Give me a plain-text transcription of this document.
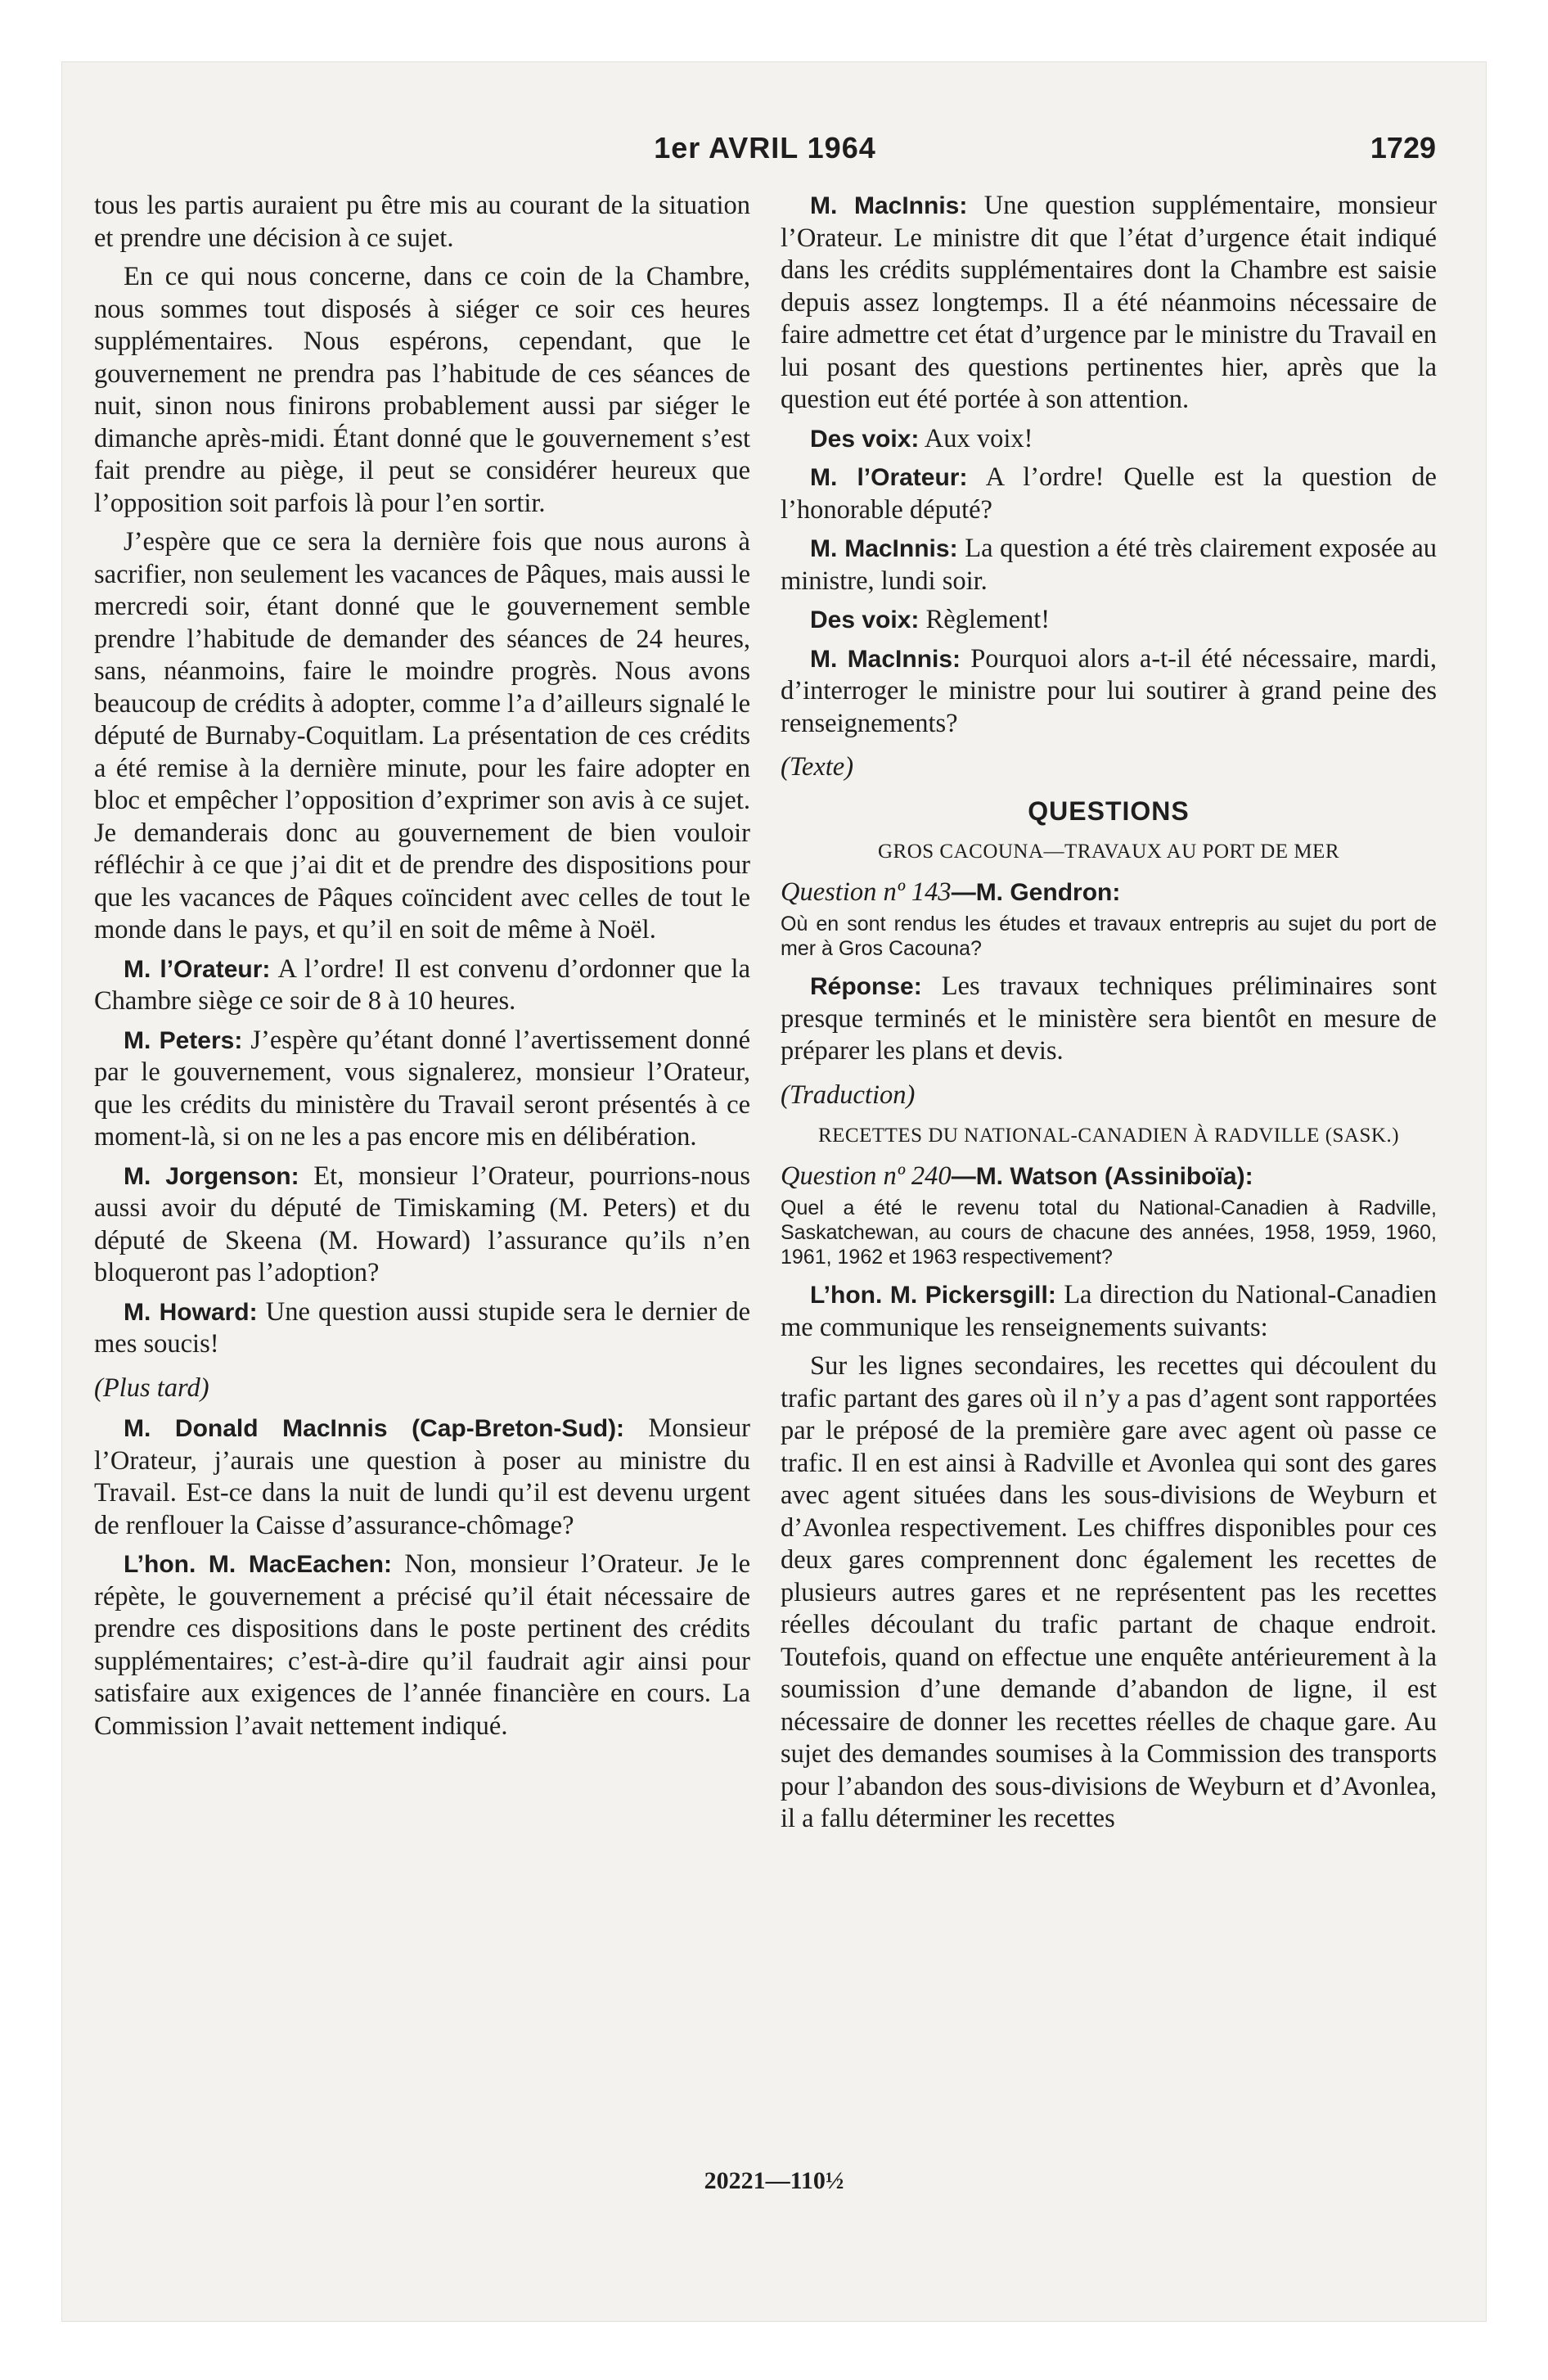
1er AVRIL 1964	1729

tous les partis auraient pu être mis au courant de la situation et prendre une décision à ce sujet.

En ce qui nous concerne, dans ce coin de la Chambre, nous sommes tout disposés à siéger ce soir ces heures supplémentaires. Nous espérons, cependant, que le gouvernement ne prendra pas l’habitude de ces séances de nuit, sinon nous finirons probablement aussi par siéger le dimanche après-midi. Étant donné que le gouvernement s’est fait prendre au piège, il peut se considérer heureux que l’opposition soit parfois là pour l’en sortir.

J’espère que ce sera la dernière fois que nous aurons à sacrifier, non seulement les vacances de Pâques, mais aussi le mercredi soir, étant donné que le gouvernement semble prendre l’habitude de demander des séances de 24 heures, sans, néanmoins, faire le moindre progrès. Nous avons beaucoup de crédits à adopter, comme l’a d’ailleurs signalé le député de Burnaby-Coquitlam. La présentation de ces crédits a été remise à la dernière minute, pour les faire adopter en bloc et empêcher l’opposition d’exprimer son avis à ce sujet. Je demanderais donc au gouvernement de bien vouloir réfléchir à ce que j’ai dit et de prendre des dispositions pour que les vacances de Pâques coïncident avec celles de tout le monde dans le pays, et qu’il en soit de même à Noël.

M. l’Orateur: A l’ordre! Il est convenu d’ordonner que la Chambre siège ce soir de 8 à 10 heures.

M. Peters: J’espère qu’étant donné l’avertissement donné par le gouvernement, vous signalerez, monsieur l’Orateur, que les crédits du ministère du Travail seront présentés à ce moment-là, si on ne les a pas encore mis en délibération.

M. Jorgenson: Et, monsieur l’Orateur, pourrions-nous aussi avoir du député de Timiskaming (M. Peters) et du député de Skeena (M. Howard) l’assurance qu’ils n’en bloqueront pas l’adoption?

M. Howard: Une question aussi stupide sera le dernier de mes soucis!

(Plus tard)

M. Donald MacInnis (Cap-Breton-Sud): Monsieur l’Orateur, j’aurais une question à poser au ministre du Travail. Est-ce dans la nuit de lundi qu’il est devenu urgent de renflouer la Caisse d’assurance-chômage?

L’hon. M. MacEachen: Non, monsieur l’Orateur. Je le répète, le gouvernement a précisé qu’il était nécessaire de prendre ces dispositions dans le poste pertinent des crédits supplémentaires; c’est-à-dire qu’il faudrait agir ainsi pour satisfaire aux exigences de l’année financière en cours. La Commission l’avait nettement indiqué.

M. MacInnis: Une question supplémentaire, monsieur l’Orateur. Le ministre dit que l’état d’urgence était indiqué dans les crédits supplémentaires dont la Chambre est saisie depuis assez longtemps. Il a été néanmoins nécessaire de faire admettre cet état d’urgence par le ministre du Travail en lui posant des questions pertinentes hier, après que la question eut été portée à son attention.

Des voix: Aux voix!

M. l’Orateur: A l’ordre! Quelle est la question de l’honorable député?

M. MacInnis: La question a été très clairement exposée au ministre, lundi soir.

Des voix: Règlement!

M. MacInnis: Pourquoi alors a-t-il été nécessaire, mardi, d’interroger le ministre pour lui soutirer à grand peine des renseignements?

(Texte)

QUESTIONS

GROS CACOUNA—TRAVAUX AU PORT DE MER

Question nº 143—M. Gendron:

Où en sont rendus les études et travaux entrepris au sujet du port de mer à Gros Cacouna?

Réponse: Les travaux techniques préliminaires sont presque terminés et le ministère sera bientôt en mesure de préparer les plans et devis.

(Traduction)

RECETTES DU NATIONAL-CANADIEN À RADVILLE (SASK.)

Question nº 240—M. Watson (Assiniboïa):

Quel a été le revenu total du National-Canadien à Radville, Saskatchewan, au cours de chacune des années, 1958, 1959, 1960, 1961, 1962 et 1963 respectivement?

L’hon. M. Pickersgill: La direction du National-Canadien me communique les renseignements suivants:

Sur les lignes secondaires, les recettes qui découlent du trafic partant des gares où il n’y a pas d’agent sont rapportées par le préposé de la première gare avec agent où passe ce trafic. Il en est ainsi à Radville et Avonlea qui sont des gares avec agent situées dans les sous-divisions de Weyburn et d’Avonlea respectivement. Les chiffres disponibles pour ces deux gares comprennent donc également les recettes de plusieurs autres gares et ne représentent pas les recettes réelles découlant du trafic partant de chaque endroit. Toutefois, quand on effectue une enquête antérieurement à la soumission d’une demande d’abandon de ligne, il est nécessaire de donner les recettes réelles de chaque gare. Au sujet des demandes soumises à la Commission des transports pour l’abandon des sous-divisions de Weyburn et d’Avonlea, il a fallu déterminer les recettes

20221—110½
